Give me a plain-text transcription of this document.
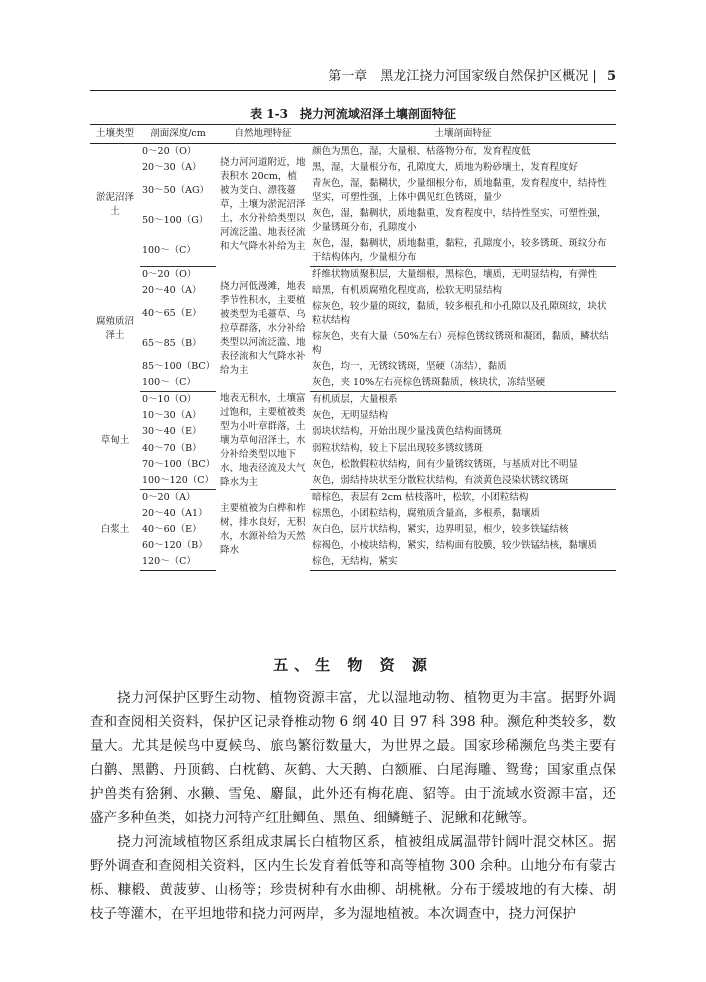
第一章　黑龙江挠力河国家级自然保护区概况 | 5
表 1-3　挠力河流域沼泽土壤剖面特征
土壤类型	剖面深度/cm	自然地理特征	土壤剖面特征
淤泥沼泽土	0～20（O）	挠力河河道附近，地表积水 20cm，植被为芠白、漂筏薹草，土壤为淤泥沼泽土，水分补给类型以河流泛滥、地表径流和大气降水补给为主	颜色为黑色，湿，大量根、枯落物分布，发育程度低
	20～30（A）		黑，湿，大量根分布，孔隙度大，质地为粉砂壤土，发育程度好
	30～50（AG）		青灰色，湿，黏糊状，少量细根分布，质地黏重，发育程度中，结持性坚实，可塑性强，上体中偶见红色锈斑，量少
	50～100（G）		灰色，湿，黏稠状，质地黏重，发育程度中，结持性坚实，可塑性强，少量锈斑分布，孔隙度小
	100～（C）		灰色，湿，黏稠状，质地黏重，黏粒，孔隙度小，较多锈斑、斑纹分布于结构体内，少量根分布
腐殖质沼泽土	0～20（O）	挠力河低漫滩，地表季节性积水，主要植被类型为毛薹草、乌拉草群落，水分补给类型以河流泛滥、地表径流和大气降水补给为主	纤维状物质聚积层，大量细根，黑棕色，壤质，无明显结构，有弹性
	20～40（A）		暗黑，有机质腐殖化程度高，松软无明显结构
	40～65（E）		棕灰色，较少量的斑纹，黏质，较多根孔和小孔隙以及孔隙斑纹，块状粒状结构
	65～85（B）		棕灰色，夹有大量（50%左右）亮棕色锈纹锈斑和凝团，黏质，鳞状结构
	85～100（BC）		灰色，均一，无锈纹锈斑，坚硬（冻结），黏质
	100～（C）		灰色，夹 10%左右亮棕色锈斑黏质，核块状，冻结坚硬
草甸土	0～10（O）	地表无积水，土壤富过饱和，主要植被类型为小叶章群落，土壤为草甸沼泽土，水分补给类型以地下水、地表径流及大气降水为主	有机质层，大量根系
	10～30（A）		灰色，无明显结构
	30～40（E）		弱块状结构，开始出现少量浅黄色结构面锈斑
	40～70（B）		弱粒状结构，较上下层出现较多锈纹锈斑
	70～100（BC）		灰色，松散假粒状结构，间有少量锈纹锈斑，与基质对比不明显
	100～120（C）		灰色，弱结持块状至分散粒状结构，有淡黄色浸染状锈纹锈斑
白浆土	0～20（A）	主要植被为白桦和柞树，排水良好，无积水，水源补给为天然降水	暗棕色，表层有 2cm 枯枝落叶，松软，小团粒结构
	20～40（A1）		棕黑色，小团粒结构，腐殖质含量高，多根系，黏壤质
	40～60（E）		灰白色，层片状结构，紧实，边界明显，根少，较多铁锰结核
	60～120（B）		棕褐色，小棱块结构，紧实，结构面有胶膜，较少铁锰结核，黏壤质
	120～（C）		棕色，无结构，紧实
五、生 物 资 源

挠力河保护区野生动物、植物资源丰富，尤以湿地动物、植物更为丰富。据野外调查和查阅相关资料，保护区记录脊椎动物 6 纲 40 目 97 科 398 种。濒危种类较多，数量大。尤其是候鸟中夏候鸟、旅鸟繁衍数量大，为世界之最。国家珍稀濒危鸟类主要有白鹳、黑鹳、丹顶鹤、白枕鹤、灰鹤、大天鹅、白额雁、白尾海雕、鸳鸯；国家重点保护兽类有猞猁、水獭、雪兔、麝鼠，此外还有梅花鹿、貂等。由于流域水资源丰富，还盛产多种鱼类，如挠力河特产红肚鲫鱼、黑鱼、细鳞鲢子、泥鳅和花鳅等。

挠力河流域植物区系组成隶属长白植物区系，植被组成属温带针阔叶混交林区。据野外调查和查阅相关资料，区内生长发育着低等和高等植物 300 余种。山地分布有蒙古栎、糠椴、黄菠萝、山杨等；珍贵树种有水曲柳、胡桃楸。分布于缓坡地的有大榛、胡枝子等灌木，在平坦地带和挠力河两岸，多为湿地植被。本次调查中，挠力河保护
